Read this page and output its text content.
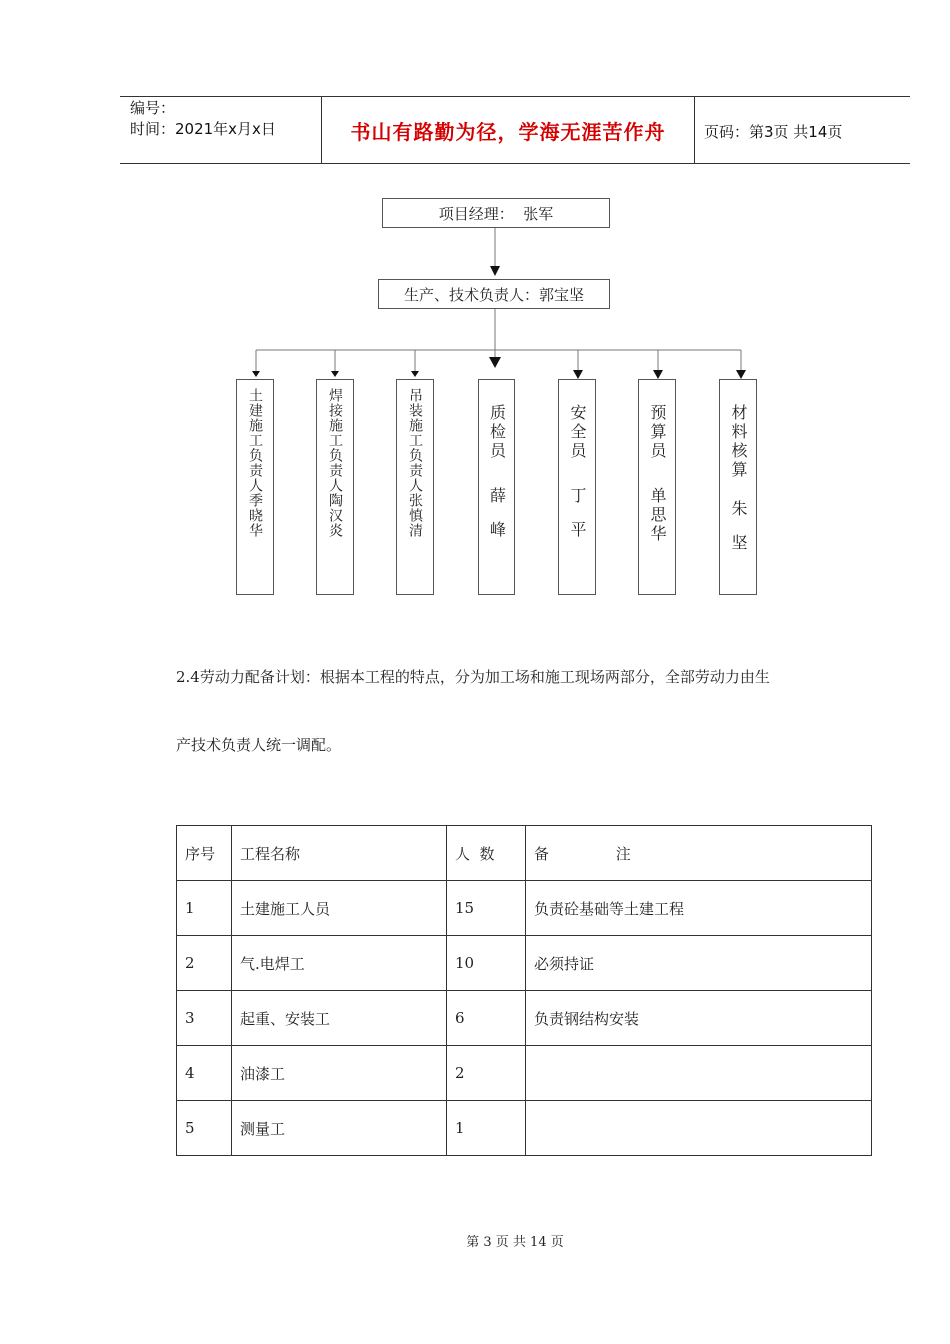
编号：
时间：2021年x月x日	书山有路勤为径，学海无涯苦作舟	页码：第3页 共14页
项目经理：  张军
生产、技术负责人：郭宝坚
土建施工负责人季晓华
焊接施工负责人陶汉炎
吊装施工负责人张慎清
质检员薛峰
安全员丁平
预算员单思华
材料核算朱坚
2.4劳动力配备计划：根据本工程的特点，分为加工场和施工现场两部分，全部劳动力由生
产技术负责人统一调配。
序号	工程名称	人  数	备              注
1	土建施工人员	15	负责砼基础等土建工程
2	气.电焊工	10	必须持证
3	起重、安装工	6	负责钢结构安装
4	油漆工	2	
5	测量工	1	
第 3 页 共 14 页
